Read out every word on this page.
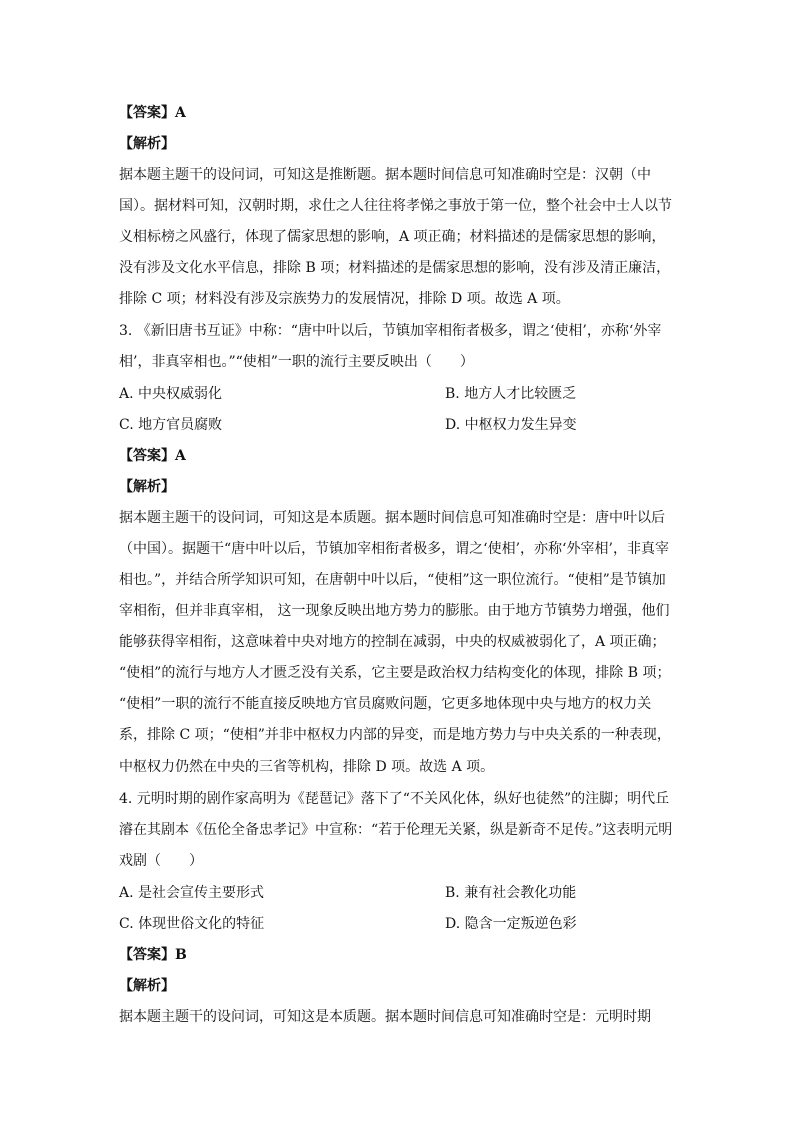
【答案】A
【解析】
据本题主题干的设问词，可知这是推断题。据本题时间信息可知准确时空是：汉朝（中
国）。据材料可知，汉朝时期，求仕之人往往将孝悌之事放于第一位，整个社会中士人以节
义相标榜之风盛行，体现了儒家思想的影响，A 项正确；材料描述的是儒家思想的影响，
没有涉及文化水平信息，排除 B 项；材料描述的是儒家思想的影响，没有涉及清正廉洁，
排除 C 项；材料没有涉及宗族势力的发展情况，排除 D 项。故选 A 项。
3. 《新旧唐书互证》中称：“唐中叶以后，节镇加宰相衔者极多，谓之‘使相’，亦称‘外宰
相’，非真宰相也。”“使相”一职的流行主要反映出（　　）
A. 中央权威弱化	B. 地方人才比较匮乏
C. 地方官员腐败	D. 中枢权力发生异变
【答案】A
【解析】
据本题主题干的设问词，可知这是本质题。据本题时间信息可知准确时空是：唐中叶以后
（中国）。据题干“唐中叶以后，节镇加宰相衔者极多，谓之‘使相’，亦称‘外宰相’，非真宰
相也。”，并结合所学知识可知，在唐朝中叶以后，“使相”这一职位流行。“使相”是节镇加
宰相衔，但并非真宰相， 这一现象反映出地方势力的膨胀。由于地方节镇势力增强，他们
能够获得宰相衔，这意味着中央对地方的控制在减弱，中央的权威被弱化了，A 项正确；
“使相”的流行与地方人才匮乏没有关系，它主要是政治权力结构变化的体现，排除 B 项；
“使相”一职的流行不能直接反映地方官员腐败问题，它更多地体现中央与地方的权力关
系，排除 C 项；“使相”并非中枢权力内部的异变，而是地方势力与中央关系的一种表现，
中枢权力仍然在中央的三省等机构，排除 D 项。故选 A 项。
4. 元明时期的剧作家高明为《琵琶记》落下了“不关风化体，纵好也徒然”的注脚；明代丘
濬在其剧本《伍伦全备忠孝记》中宣称：“若于伦理无关紧，纵是新奇不足传。”这表明元明
戏剧（　　）
A. 是社会宣传主要形式	B. 兼有社会教化功能
C. 体现世俗文化的特征	D. 隐含一定叛逆色彩
【答案】B
【解析】
据本题主题干的设问词，可知这是本质题。据本题时间信息可知准确时空是：元明时期
